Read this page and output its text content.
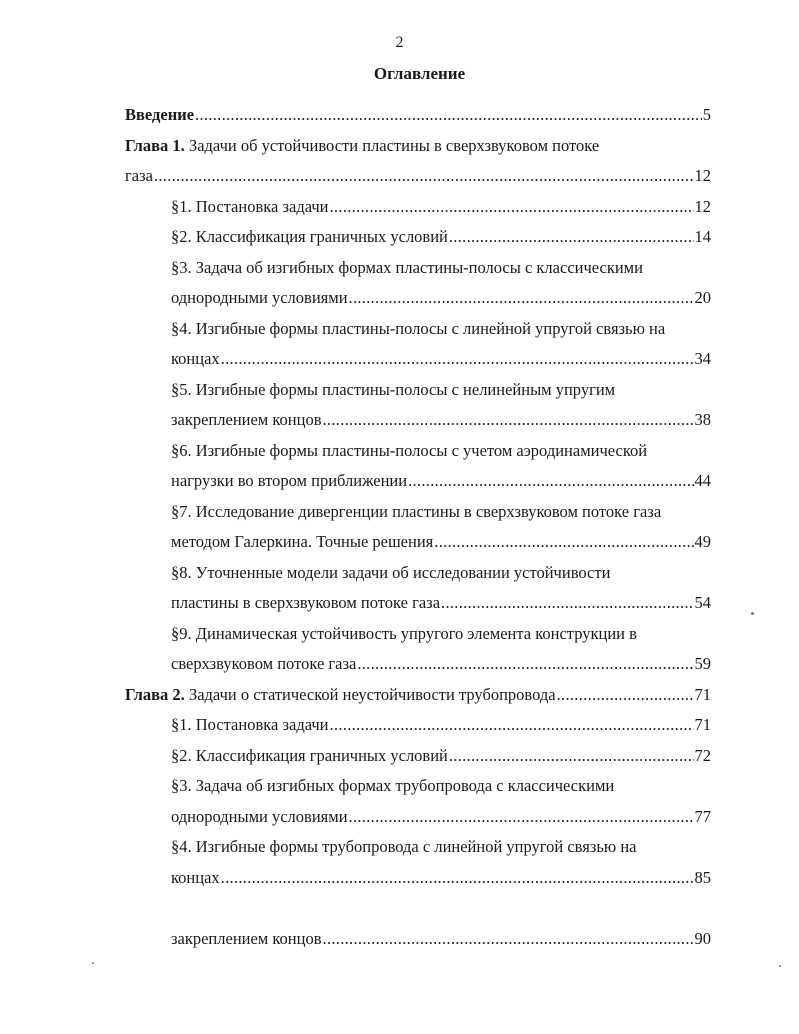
2
Оглавление
Введение .....	5
Глава 1. Задачи об устойчивости пластины в сверхзвуковом потоке
газа .....	12
§1. Постановка задачи .....	12
§2. Классификация граничных условий .....	14
§3. Задача об изгибных формах пластины-полосы с классическими
однородными условиями .....	20
§4. Изгибные формы пластины-полосы с линейной упругой связью на
концах .....	34
§5. Изгибные формы пластины-полосы с нелинейным упругим
закреплением концов .....	38
§6. Изгибные формы пластины-полосы с учетом аэродинамической
нагрузки во втором приближении .....	44
§7. Исследование дивергенции пластины в сверхзвуковом потоке газа
методом Галеркина. Точные решения .....	49
§8. Уточненные модели задачи об исследовании устойчивости
пластины в сверхзвуковом потоке газа .....	54
§9. Динамическая устойчивость упругого элемента конструкции в
сверхзвуковом потоке газа .....	59
Глава 2. Задачи о статической неустойчивости трубопровода .....	71
§1. Постановка задачи .....	71
§2. Классификация граничных условий .....	72
§3. Задача об изгибных формах трубопровода с классическими
однородными условиями .....	77
§4. Изгибные формы трубопровода с линейной упругой связью на
концах .....	85

закреплением концов .....	90
